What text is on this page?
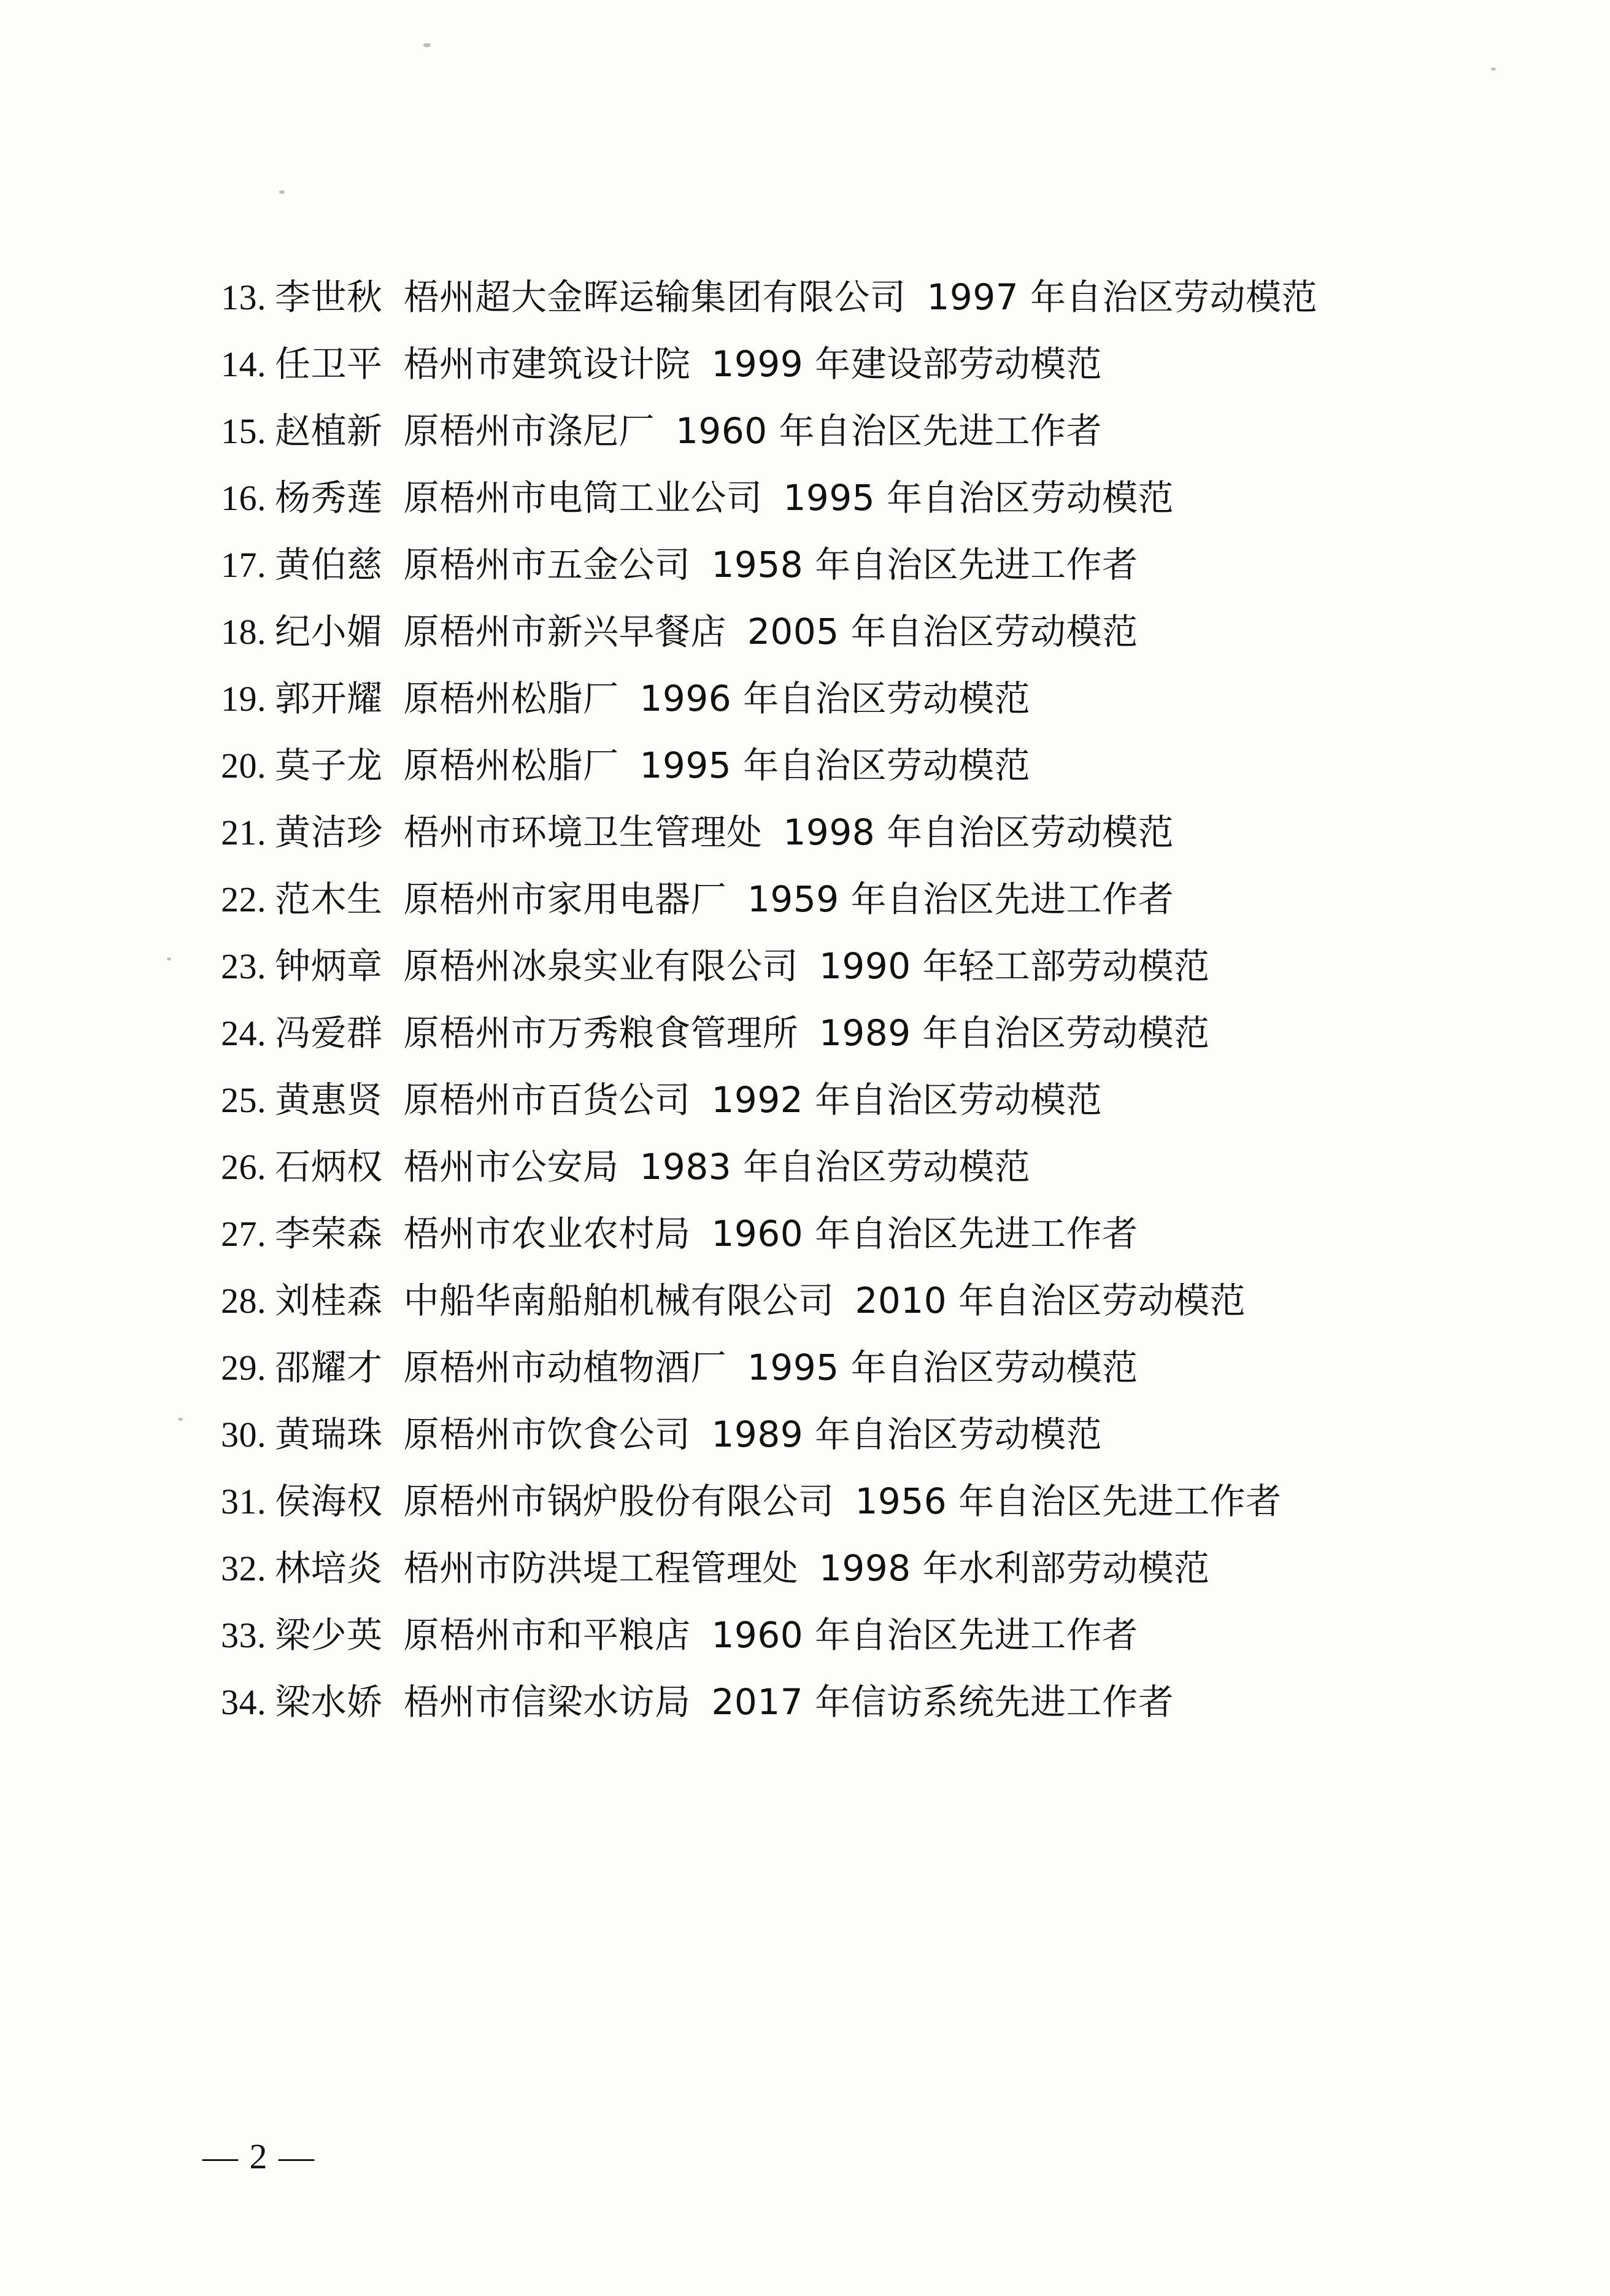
13. 李世秋 梧州超大金晖运输集团有限公司 1997 年自治区劳动模范
14. 任卫平 梧州市建筑设计院 1999 年建设部劳动模范
15. 赵植新 原梧州市涤尼厂 1960 年自治区先进工作者
16. 杨秀莲 原梧州市电筒工业公司 1995 年自治区劳动模范
17. 黄伯慈 原梧州市五金公司 1958 年自治区先进工作者
18. 纪小媚 原梧州市新兴早餐店 2005 年自治区劳动模范
19. 郭开耀 原梧州松脂厂 1996 年自治区劳动模范
20. 莫子龙 原梧州松脂厂 1995 年自治区劳动模范
21. 黄洁珍 梧州市环境卫生管理处 1998 年自治区劳动模范
22. 范木生 原梧州市家用电器厂 1959 年自治区先进工作者
23. 钟炳章 原梧州冰泉实业有限公司 1990 年轻工部劳动模范
24. 冯爱群 原梧州市万秀粮食管理所 1989 年自治区劳动模范
25. 黄惠贤 原梧州市百货公司 1992 年自治区劳动模范
26. 石炳权 梧州市公安局 1983 年自治区劳动模范
27. 李荣森 梧州市农业农村局 1960 年自治区先进工作者
28. 刘桂森 中船华南船舶机械有限公司 2010 年自治区劳动模范
29. 邵耀才 原梧州市动植物酒厂 1995 年自治区劳动模范
30. 黄瑞珠 原梧州市饮食公司 1989 年自治区劳动模范
31. 侯海权 原梧州市锅炉股份有限公司 1956 年自治区先进工作者
32. 林培炎 梧州市防洪堤工程管理处 1998 年水利部劳动模范
33. 梁少英 原梧州市和平粮店 1960 年自治区先进工作者
34. 梁水娇 梧州市信梁水访局 2017 年信访系统先进工作者
— 2 —
